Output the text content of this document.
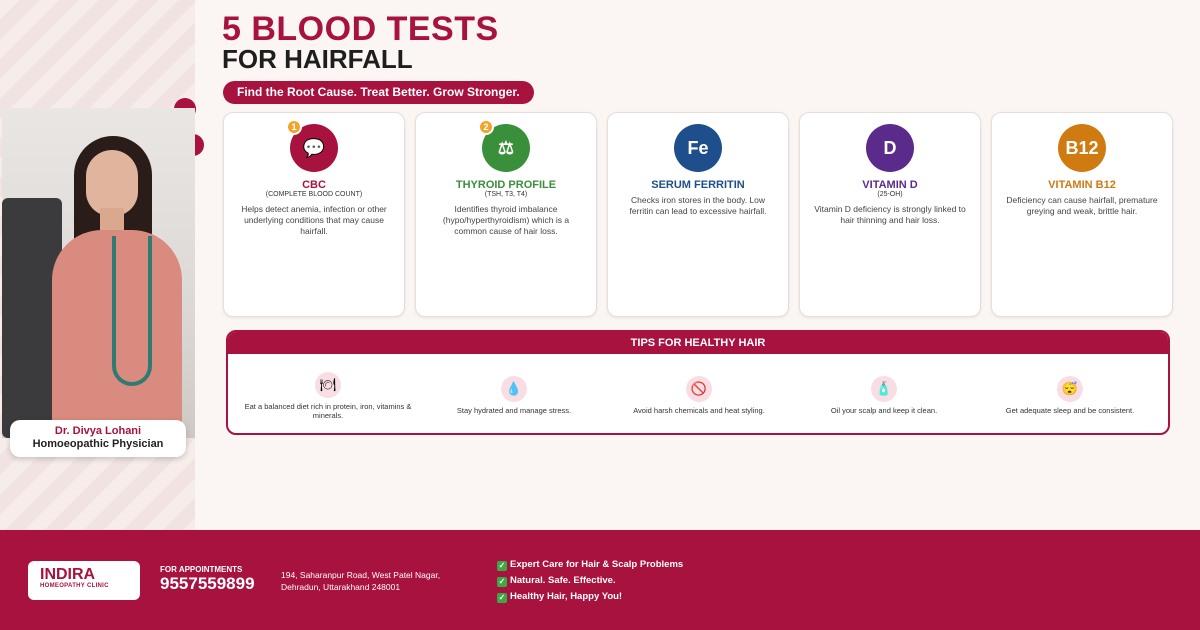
Dr. Divya Lohani
Homoeopathic Physician
5 BLOOD TESTS
FOR HAIRFALL
Find the Root Cause. Treat Better. Grow Stronger.
💬
1
CBC
(COMPLETE BLOOD COUNT)
Helps detect anemia, infection or other underlying conditions that may cause hairfall.
⚖
2
THYROID PROFILE
(TSH, T3, T4)
Identifies thyroid imbalance (hypo/hyperthyroidism) which is a common cause of hair loss.
Fe
SERUM FERRITIN
Checks iron stores in the body. Low ferritin can lead to excessive hairfall.
D
VITAMIN D
(25-OH)
Vitamin D deficiency is strongly linked to hair thinning and hair loss.
B12
VITAMIN B12
Deficiency can cause hairfall, premature greying and weak, brittle hair.
TIPS FOR HEALTHY HAIR
🍽
Eat a balanced diet rich in protein, iron, vitamins & minerals.
💧
Stay hydrated and manage stress.
🚫
Avoid harsh chemicals and heat styling.
🧴
Oil your scalp and keep it clean.
😴
Get adequate sleep and be consistent.
INDIRA
HOMEOPATHY CLINIC
FOR APPOINTMENTS
9557559899	194, Saharanpur Road, West Patel Nagar,
Dehradun, Uttarakhand 248001
✓ Expert Care for Hair & Scalp Problems
✓ Natural. Safe. Effective.
✓ Healthy Hair, Happy You!
